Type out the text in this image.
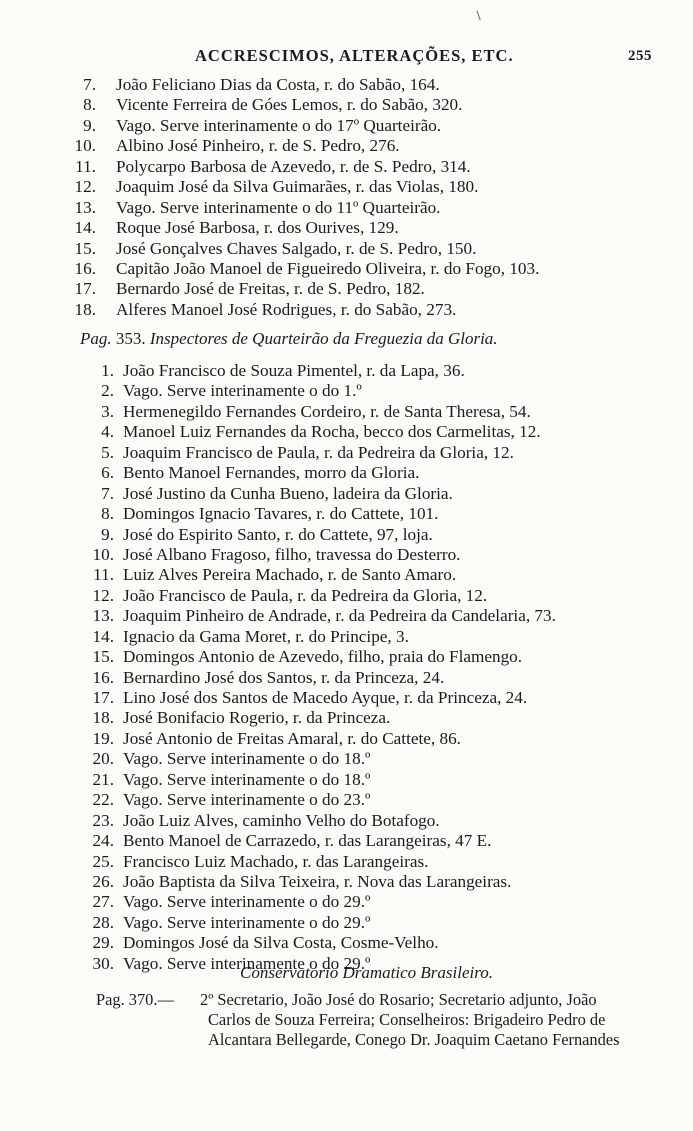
ACCRESCIMOS, ALTERAÇÕES, ETC.	255
7. João Feliciano Dias da Costa, r. do Sabão, 164.
8. Vicente Ferreira de Góes Lemos, r. do Sabão, 320.
9. Vago. Serve interinamente o do 17º Quarteirão.
10. Albino José Pinheiro, r. de S. Pedro, 276.
11. Polycarpo Barbosa de Azevedo, r. de S. Pedro, 314.
12. Joaquim José da Silva Guimarães, r. das Violas, 180.
13. Vago. Serve interinamente o do 11º Quarteirão.
14. Roque José Barbosa, r. dos Ourives, 129.
15. José Gonçalves Chaves Salgado, r. de S. Pedro, 150.
16. Capitão João Manoel de Figueiredo Oliveira, r. do Fogo, 103.
17. Bernardo José de Freitas, r. de S. Pedro, 182.
18. Alferes Manoel José Rodrigues, r. do Sabão, 273.
Pag. 353. Inspectores de Quarteirão da Freguezia da Gloria.
1. João Francisco de Souza Pimentel, r. da Lapa, 36.
2. Vago. Serve interinamente o do 1.º
3. Hermenegildo Fernandes Cordeiro, r. de Santa Theresa, 54.
4. Manoel Luiz Fernandes da Rocha, becco dos Carmelitas, 12.
5. Joaquim Francisco de Paula, r. da Pedreira da Gloria, 12.
6. Bento Manoel Fernandes, morro da Gloria.
7. José Justino da Cunha Bueno, ladeira da Gloria.
8. Domingos Ignacio Tavares, r. do Cattete, 101.
9. José do Espirito Santo, r. do Cattete, 97, loja.
10. José Albano Fragoso, filho, travessa do Desterro.
11. Luiz Alves Pereira Machado, r. de Santo Amaro.
12. João Francisco de Paula, r. da Pedreira da Gloria, 12.
13. Joaquim Pinheiro de Andrade, r. da Pedreira da Candelaria, 73.
14. Ignacio da Gama Moret, r. do Principe, 3.
15. Domingos Antonio de Azevedo, filho, praia do Flamengo.
16. Bernardino José dos Santos, r. da Princeza, 24.
17. Lino José dos Santos de Macedo Ayque, r. da Princeza, 24.
18. José Bonifacio Rogerio, r. da Princeza.
19. José Antonio de Freitas Amaral, r. do Cattete, 86.
20. Vago. Serve interinamente o do 18.º
21. Vago. Serve interinamente o do 18.º
22. Vago. Serve interinamente o do 23.º
23. João Luiz Alves, caminho Velho do Botafogo.
24. Bento Manoel de Carrazedo, r. das Larangeiras, 47 E.
25. Francisco Luiz Machado, r. das Larangeiras.
26. João Baptista da Silva Teixeira, r. Nova das Larangeiras.
27. Vago. Serve interinamente o do 29.º
28. Vago. Serve interinamente o do 29.º
29. Domingos José da Silva Costa, Cosme-Velho.
30. Vago. Serve interinamente o do 29.º
Conservatorio Dramatico Brasileiro.
Pag. 370.— 2º Secretario, João José do Rosario; Secretario adjunto, João
Carlos de Souza Ferreira; Conselheiros: Brigadeiro Pedro de
Alcantara Bellegarde, Conego Dr. Joaquim Caetano Fernandes
